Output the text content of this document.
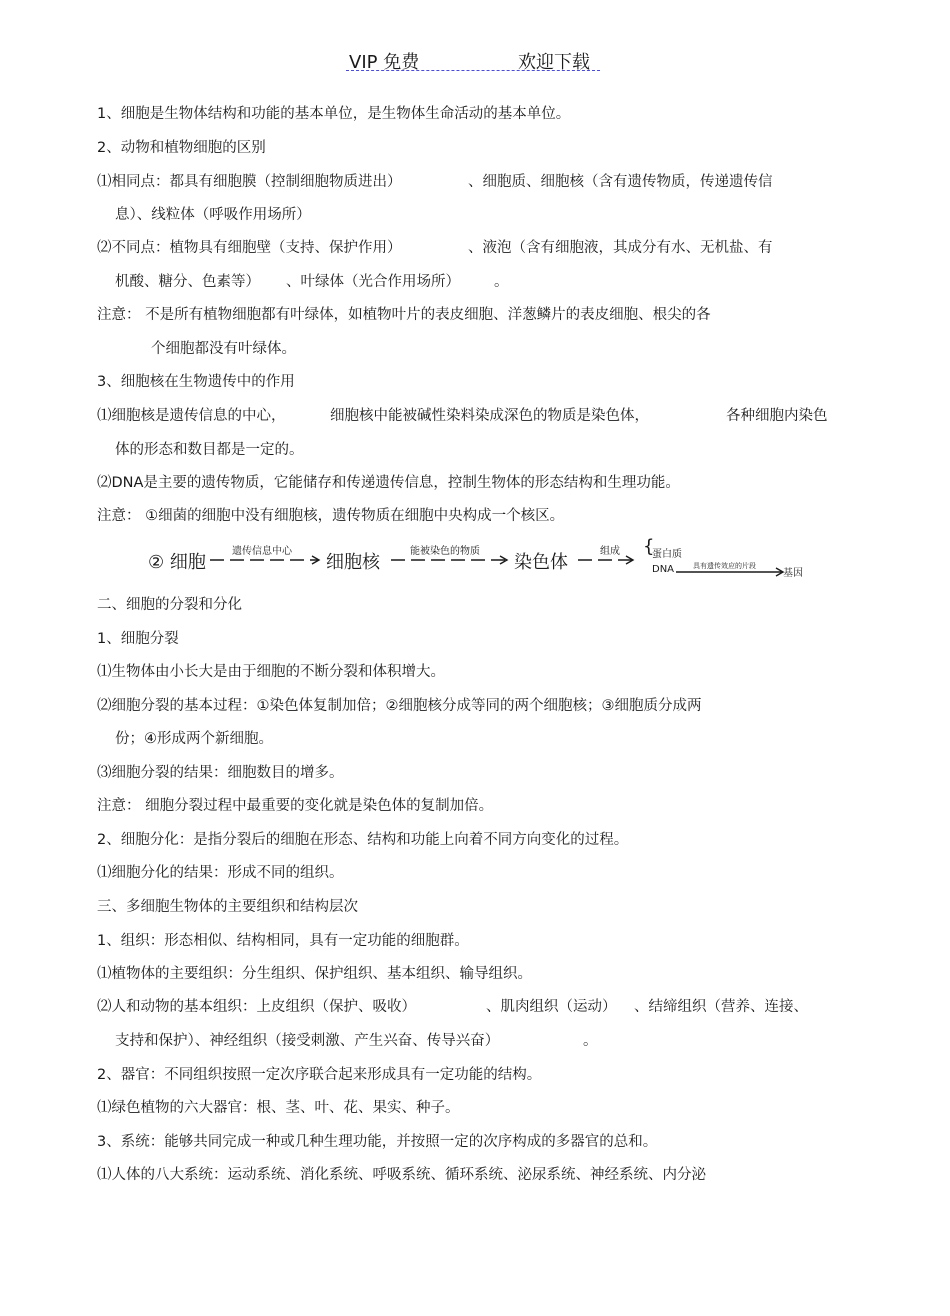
VIP 免费	欢迎下载
1、细胞是生物体结构和功能的基本单位，是生物体生命活动的基本单位。
2、动物和植物细胞的区别
⑴相同点：都具有细胞膜（控制细胞物质进出）	、细胞质、细胞核（含有遗传物质，传递遗传信
息）、线粒体（呼吸作用场所）
⑵不同点：植物具有细胞壁（支持、保护作用）	、液泡（含有细胞液，其成分有水、无机盐、有
机酸、糖分、色素等） 、叶绿体（光合作用场所） 。
注意： 不是所有植物细胞都有叶绿体，如植物叶片的表皮细胞、洋葱鳞片的表皮细胞、根尖的各
个细胞都没有叶绿体。
3、细胞核在生物遗传中的作用
⑴细胞核是遗传信息的中心，	细胞核中能被碱性染料染成深色的物质是染色体，	各种细胞内染色
体的形态和数目都是一定的。
⑵DNA是主要的遗传物质，它能储存和传递遗传信息，控制生物体的形态结构和生理功能。
注意： ①细菌的细胞中没有细胞核，遗传物质在细胞中央构成一个核区。
② 细胞
遗传信息中心
细胞核
能被染色的物质
染色体
组成 {
蛋白质
DNA	具有遗传效应的片段
基因
二、细胞的分裂和分化
1、细胞分裂
⑴生物体由小长大是由于细胞的不断分裂和体积增大。
⑵细胞分裂的基本过程：①染色体复制加倍；②细胞核分成等同的两个细胞核；③细胞质分成两
份；④形成两个新细胞。
⑶细胞分裂的结果：细胞数目的增多。
注意： 细胞分裂过程中最重要的变化就是染色体的复制加倍。
2、细胞分化：是指分裂后的细胞在形态、结构和功能上向着不同方向变化的过程。
⑴细胞分化的结果：形成不同的组织。
三、多细胞生物体的主要组织和结构层次
1、组织：形态相似、结构相同，具有一定功能的细胞群。
⑴植物体的主要组织：分生组织、保护组织、基本组织、输导组织。
⑵人和动物的基本组织：上皮组织（保护、吸收）	、肌肉组织（运动） 、结缔组织（营养、连接、
支持和保护）、神经组织（接受刺激、产生兴奋、传导兴奋）	。
2、器官：不同组织按照一定次序联合起来形成具有一定功能的结构。
⑴绿色植物的六大器官：根、茎、叶、花、果实、种子。
3、系统：能够共同完成一种或几种生理功能，并按照一定的次序构成的多器官的总和。
⑴人体的八大系统：运动系统、消化系统、呼吸系统、循环系统、泌尿系统、神经系统、内分泌
